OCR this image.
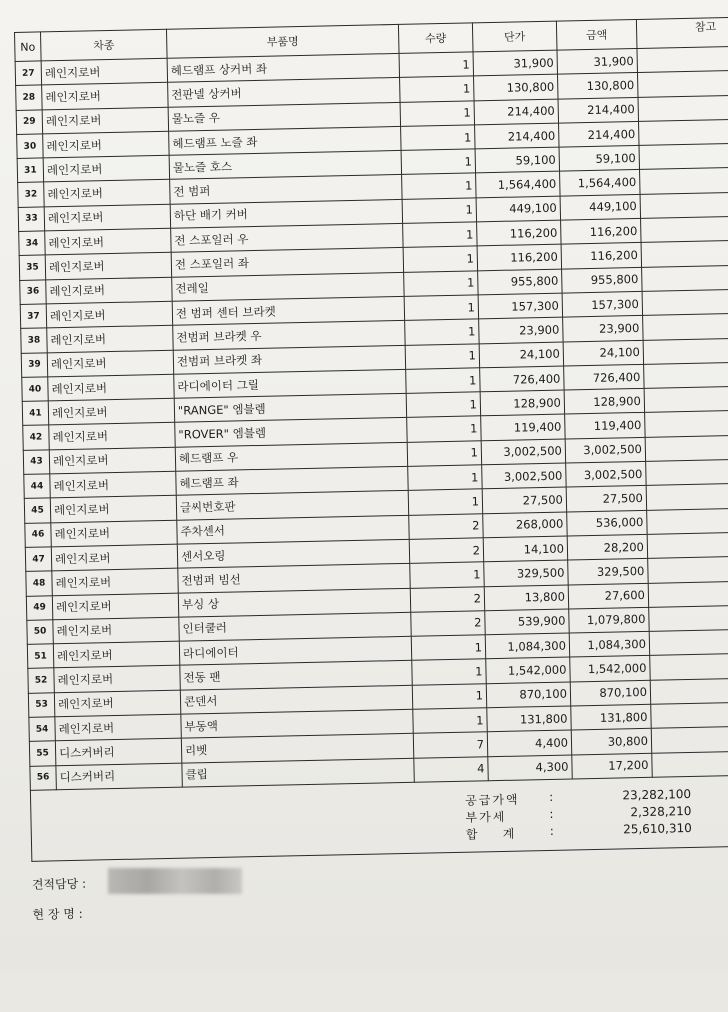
No	차종	부품명	수량	단가	금액	참고
27	레인지로버	헤드램프 상커버 좌	1	31,900	31,900	
28	레인지로버	전판넬 상커버	1	130,800	130,800	
29	레인지로버	물노즐 우	1	214,400	214,400	
30	레인지로버	헤드램프 노즐 좌	1	214,400	214,400	
31	레인지로버	물노즐 호스	1	59,100	59,100	
32	레인지로버	전 범퍼	1	1,564,400	1,564,400	
33	레인지로버	하단 배기 커버	1	449,100	449,100	
34	레인지로버	전 스포일러 우	1	116,200	116,200	
35	레인지로버	전 스포일러 좌	1	116,200	116,200	
36	레인지로버	전레일	1	955,800	955,800	
37	레인지로버	전 범퍼 센터 브라켓	1	157,300	157,300	
38	레인지로버	전범퍼 브라켓 우	1	23,900	23,900	
39	레인지로버	전범퍼 브라켓 좌	1	24,100	24,100	
40	레인지로버	라디에이터 그릴	1	726,400	726,400	
41	레인지로버	"RANGE" 엠블렘	1	128,900	128,900	
42	레인지로버	"ROVER" 엠블렘	1	119,400	119,400	
43	레인지로버	헤드램프 우	1	3,002,500	3,002,500	
44	레인지로버	헤드램프 좌	1	3,002,500	3,002,500	
45	레인지로버	글씨번호판	1	27,500	27,500	
46	레인지로버	주차센서	2	268,000	536,000	
47	레인지로버	센서오링	2	14,100	28,200	
48	레인지로버	전범퍼 빔선	1	329,500	329,500	
49	레인지로버	부싱 상	2	13,800	27,600	
50	레인지로버	인터쿨러	2	539,900	1,079,800	
51	레인지로버	라디에이터	1	1,084,300	1,084,300	
52	레인지로버	전동 팬	1	1,542,000	1,542,000	
53	레인지로버	콘덴서	1	870,100	870,100	
54	레인지로버	부동액	1	131,800	131,800	
55	디스커버리	리벳	7	4,400	30,800	
56	디스커버리	클립	4	4,300	17,200	
공급가액	:	23,282,100
부가세	:	2,328,210
합    계	:	25,610,310
견적담당 :
현 장 명 :
